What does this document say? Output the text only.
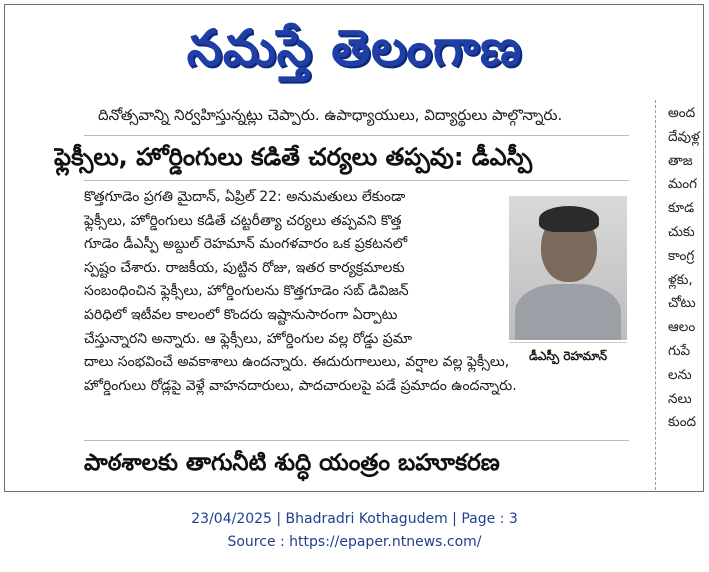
నమస్తే తెలంగాణ
దినోత్సవాన్ని నిర్వహిస్తున్నట్లు చెప్పారు. ఉపాధ్యాయులు, విద్యార్థులు పాల్గొన్నారు.
ఫ్లెక్సీలు, హోర్డింగులు కడితే చర్యలు తప్పవు: డీఎస్పీ

కొత్తగూడెం ప్రగతి మైదాన్, ఏప్రిల్ 22: అనుమతులు లేకుండా

ఫ్లెక్సీలు, హోర్డింగులు కడితే చట్టరీత్యా చర్యలు తప్పవని కొత్త

గూడెం డీఎస్పీ అబ్దుల్ రెహమాన్ మంగళవారం ఒక ప్రకటనలో

స్పష్టం చేశారు. రాజకీయ, పుట్టిన రోజు, ఇతర కార్యక్రమాలకు

సంబంధించిన ఫ్లెక్సీలు, హోర్డింగులను కొత్తగూడెం సబ్ డివిజన్

పరిధిలో ఇటీవల కాలంలో కొందరు ఇష్టానుసారంగా ఏర్పాటు

చేస్తున్నారని అన్నారు. ఆ ఫ్లెక్సీలు, హోర్డింగుల వల్ల రోడ్డు ప్రమా

దాలు సంభవించే అవకాశాలు ఉందన్నారు. ఈదురుగాలులు, వర్షాల వల్ల ఫ్లెక్సీలు,

హోర్డింగులు రోడ్లపై వెళ్లే వాహనదారులు, పాదచారులపై పడే ప్రమాదం ఉందన్నారు.

డీఎస్పీ రెహమాన్
పాఠశాలకు తాగునీటి శుద్ధి యంత్రం బహూకరణ
అంద
దేవుళ్ల
తాజ
మంగ
కూడ
చుకు
కాంగ్ర
ళ్లకు,
చోటు
ఆలం
గుపే
లను
నలు
కుంద
23/04/2025 | Bhadradri Kothagudem | Page : 3
Source : https://epaper.ntnews.com/
